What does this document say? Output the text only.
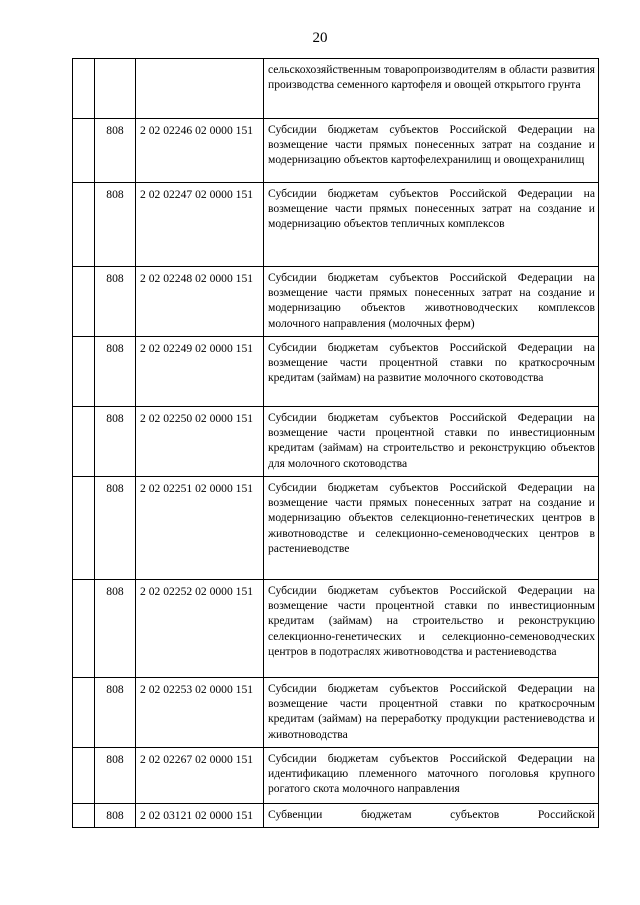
20

			сельскохозяйственным товаропроизводителям в области развития производства семенного картофеля и овощей открытого грунта

	808	2 02 02246 02 0000 151	Субсидии бюджетам субъектов Российской Федерации на возмещение части прямых понесенных затрат на создание и модернизацию объектов картофелехранилищ и овощехранилищ

	808	2 02 02247 02 0000 151	Субсидии бюджетам субъектов Российской Федерации на возмещение части прямых понесенных затрат на создание и модернизацию объектов тепличных комплексов

	808	2 02 02248 02 0000 151	Субсидии бюджетам субъектов Российской Федерации на возмещение части прямых понесенных затрат на создание и модернизацию объектов животноводческих комплексов молочного направления (молочных ферм)

	808	2 02 02249 02 0000 151	Субсидии бюджетам субъектов Российской Федерации на возмещение части процентной ставки по краткосрочным кредитам (займам) на развитие молочного скотоводства

	808	2 02 02250 02 0000 151	Субсидии бюджетам субъектов Российской Федерации на возмещение части процентной ставки по инвестиционным кредитам (займам) на строительство и реконструкцию объектов для молочного скотоводства

	808	2 02 02251 02 0000 151	Субсидии бюджетам субъектов Российской Федерации на возмещение части прямых понесенных затрат на создание и модернизацию объектов селекционно-генетических центров в животноводстве и селекционно-семеноводческих центров в растениеводстве

	808	2 02 02252 02 0000 151	Субсидии бюджетам субъектов Российской Федерации на возмещение части процентной ставки по инвестиционным кредитам (займам) на строительство и реконструкцию селекционно-генетических и селекционно-семеноводческих центров в подотраслях животноводства и растениеводства

	808	2 02 02253 02 0000 151	Субсидии бюджетам субъектов Российской Федерации на возмещение части процентной ставки по краткосрочным кредитам (займам) на переработку продукции растениеводства и животноводства

	808	2 02 02267 02 0000 151	Субсидии бюджетам субъектов Российской Федерации на идентификацию племенного маточного поголовья крупного рогатого скота молочного направления

	808	2 02 03121 02 0000 151	Субвенции бюджетам субъектов Российской
